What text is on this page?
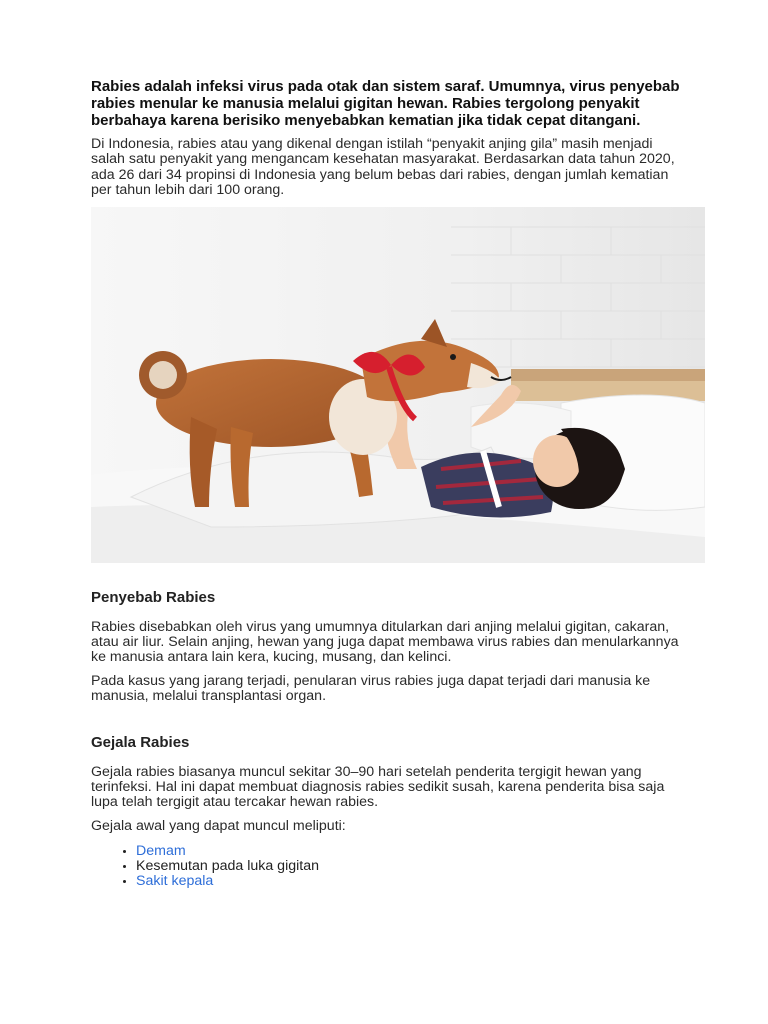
Rabies adalah infeksi virus pada otak dan sistem saraf. Umumnya, virus penyebab rabies menular ke manusia melalui gigitan hewan. Rabies tergolong penyakit berbahaya karena berisiko menyebabkan kematian jika tidak cepat ditangani.

Di Indonesia, rabies atau yang dikenal dengan istilah “penyakit anjing gila” masih menjadi salah satu penyakit yang mengancam kesehatan masyarakat. Berdasarkan data tahun 2020, ada 26 dari 34 propinsi di Indonesia yang belum bebas dari rabies, dengan jumlah kematian per tahun lebih dari 100 orang.

Penyebab Rabies

Rabies disebabkan oleh virus yang umumnya ditularkan dari anjing melalui gigitan, cakaran, atau air liur. Selain anjing, hewan yang juga dapat membawa virus rabies dan menularkannya ke manusia antara lain kera, kucing, musang, dan kelinci.

Pada kasus yang jarang terjadi, penularan virus rabies juga dapat terjadi dari manusia ke manusia, melalui transplantasi organ.

Gejala Rabies

Gejala rabies biasanya muncul sekitar 30–90 hari setelah penderita tergigit hewan yang terinfeksi. Hal ini dapat membuat diagnosis rabies sedikit susah, karena penderita bisa saja lupa telah tergigit atau tercakar hewan rabies.

Gejala awal yang dapat muncul meliputi:

• Demam
• Kesemutan pada luka gigitan
• Sakit kepala
